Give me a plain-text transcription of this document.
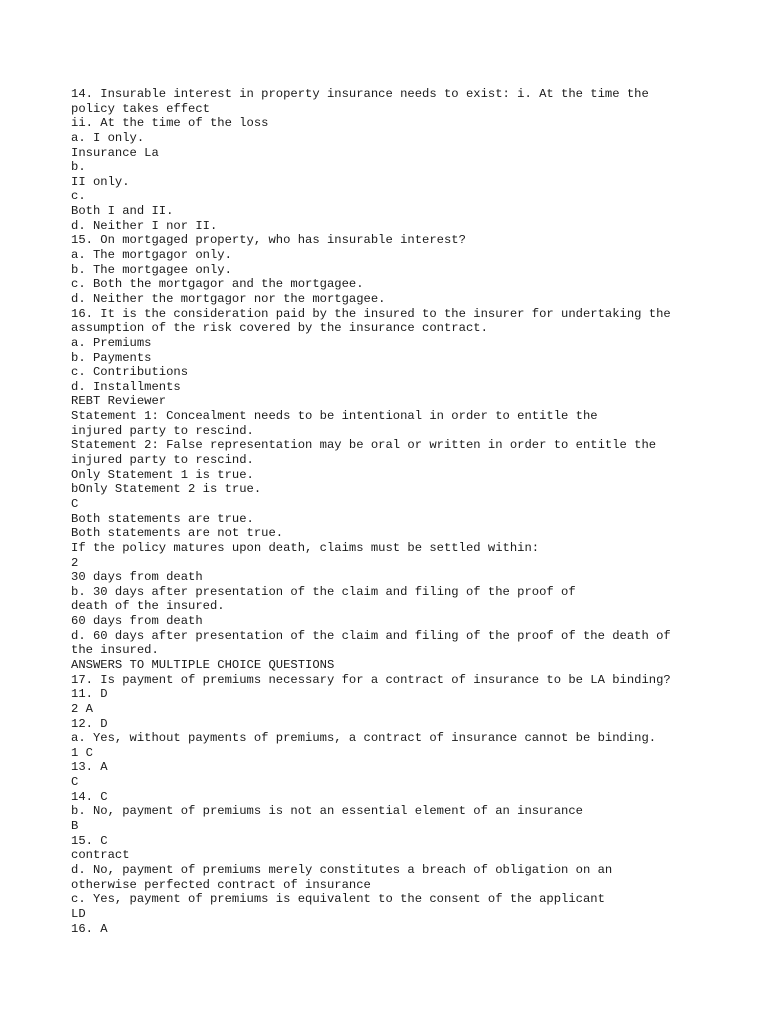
14. Insurable interest in property insurance needs to exist: i. At the time the
policy takes effect
ii. At the time of the loss
a. I only.
Insurance La
b.
II only.
c.
Both I and II.
d. Neither I nor II.
15. On mortgaged property, who has insurable interest?
a. The mortgagor only.
b. The mortgagee only.
c. Both the mortgagor and the mortgagee.
d. Neither the mortgagor nor the mortgagee.
16. It is the consideration paid by the insured to the insurer for undertaking the
assumption of the risk covered by the insurance contract.
a. Premiums
b. Payments
c. Contributions
d. Installments
REBT Reviewer
Statement 1: Concealment needs to be intentional in order to entitle the
injured party to rescind.
Statement 2: False representation may be oral or written in order to entitle the
injured party to rescind.
Only Statement 1 is true.
bOnly Statement 2 is true.
C
Both statements are true.
Both statements are not true.
If the policy matures upon death, claims must be settled within:
2
30 days from death
b. 30 days after presentation of the claim and filing of the proof of
death of the insured.
60 days from death
d. 60 days after presentation of the claim and filing of the proof of the death of
the insured.
ANSWERS TO MULTIPLE CHOICE QUESTIONS
17. Is payment of premiums necessary for a contract of insurance to be LA binding?
11. D
2 A
12. D
a. Yes, without payments of premiums, a contract of insurance cannot be binding.
1 C
13. A
C
14. C
b. No, payment of premiums is not an essential element of an insurance
B
15. C
contract
d. No, payment of premiums merely constitutes a breach of obligation on an
otherwise perfected contract of insurance
c. Yes, payment of premiums is equivalent to the consent of the applicant
LD
16. A
